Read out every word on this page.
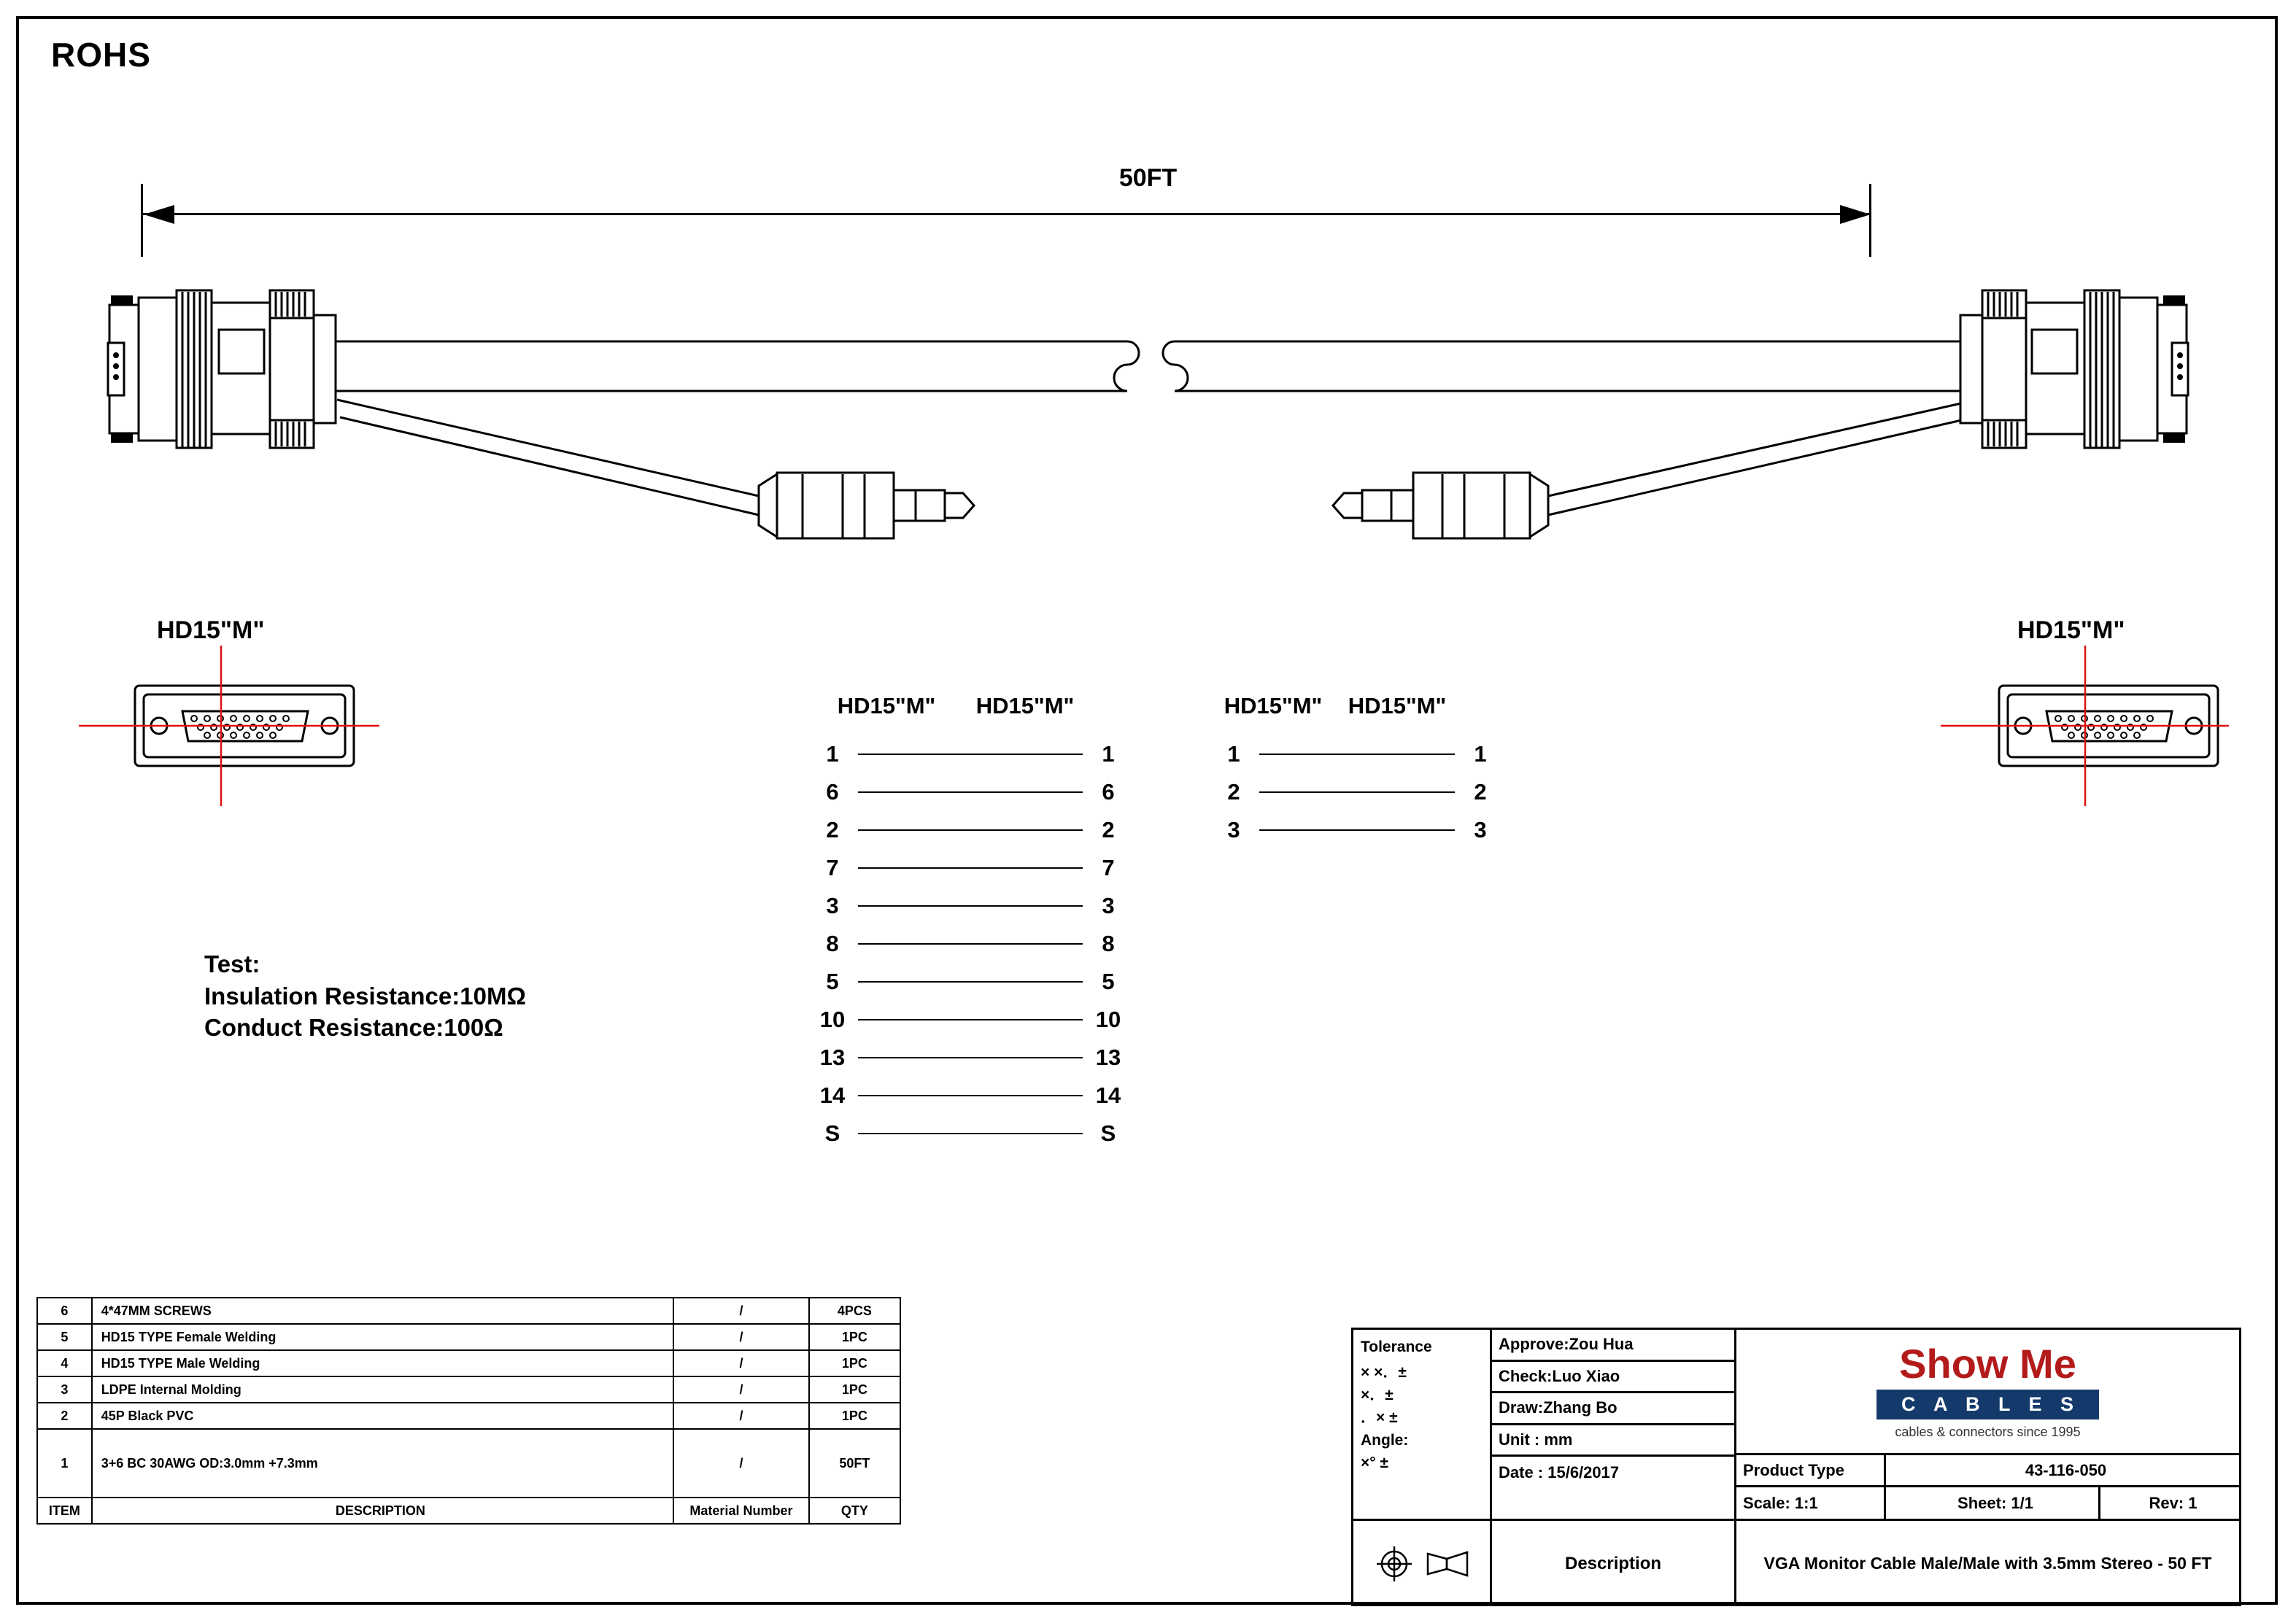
ROHS
50FT
HD15"M"	HD15"M"
Test:
Insulation Resistance:10MΩ
Conduct Resistance:100Ω
HD15"M"	HD15"M"
1	1
6	6
2	2
7	7
3	3
8	8
5	5
10	10
13	13
14	14
S	S
HD15"M"	HD15"M"
1	1
2	2
3	3
6	4*47MM SCREWS	/	4PCS
5	HD15 TYPE Female Welding	/	1PC
4	HD15 TYPE Male Welding	/	1PC
3	LDPE Internal Molding	/	1PC
2	45P Black PVC	/	1PC
1	3+6 BC 30AWG OD:3.0mm +7.3mm	/	50FT
ITEM	DESCRIPTION	Material Number	QTY
Tolerance
× ×．±
×．±
．× ±
Angle:
×° ±
Approve:Zou Hua
Check:Luo Xiao
Draw:Zhang Bo
Unit : mm
Date : 15/6/2017
Show Me
C A B L E S
cables & connectors since 1995
Product Type	43-116-050
Scale: 1:1	Sheet: 1/1	Rev: 1
Description	VGA Monitor Cable Male/Male with 3.5mm Stereo - 50 FT
